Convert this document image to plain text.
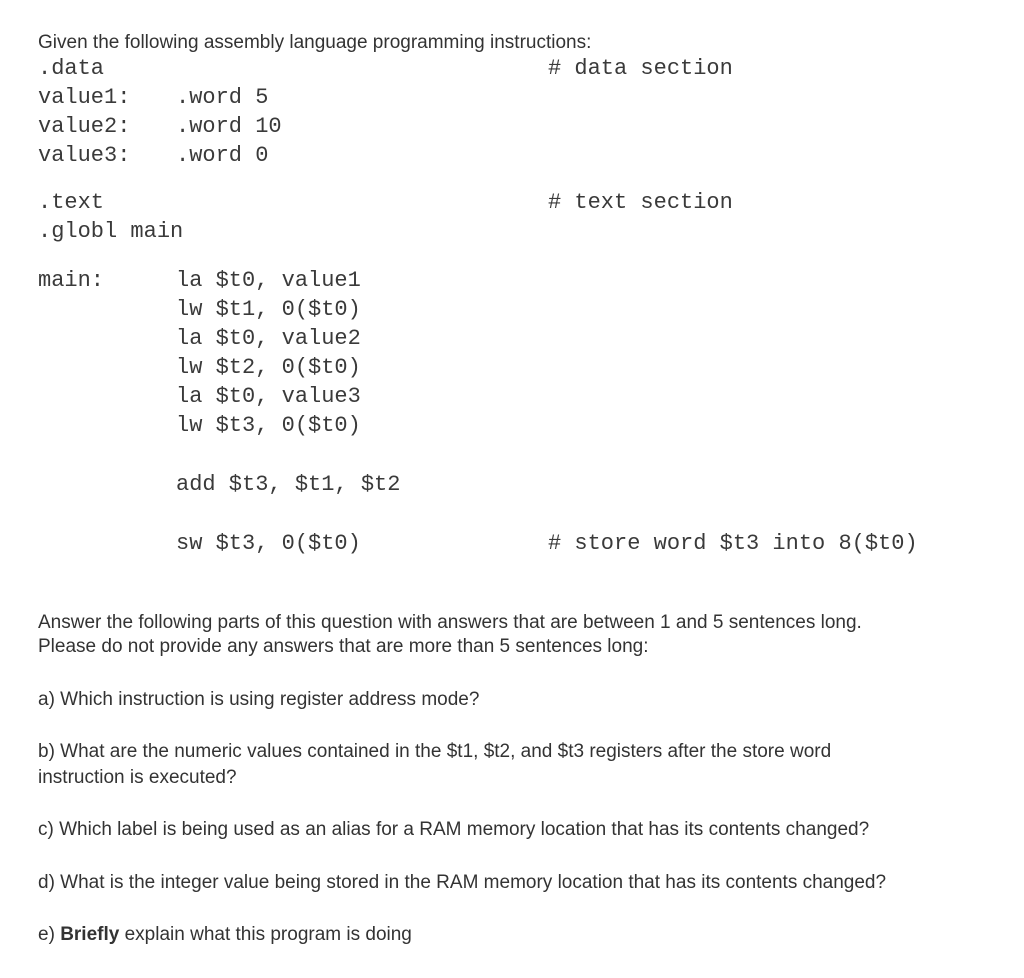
Given the following assembly language programming instructions:
.data	# data section
value1: .word 5
value2: .word 10
value3: .word 0
.text	# text section
.globl main
main:	la $t0, value1
lw $t1, 0($t0)
la $t0, value2
lw $t2, 0($t0)
la $t0, value3
lw $t3, 0($t0)
add $t3, $t1, $t2
sw $t3, 0($t0)	# store word $t3 into 8($t0)
Answer the following parts of this question with answers that are between 1 and 5 sentences long.
Please do not provide any answers that are more than 5 sentences long:
a) Which instruction is using register address mode?
b) What are the numeric values contained in the $t1, $t2, and $t3 registers after the store word
instruction is executed?
c) Which label is being used as an alias for a RAM memory location that has its contents changed?
d) What is the integer value being stored in the RAM memory location that has its contents changed?
e) Briefly explain what this program is doing
